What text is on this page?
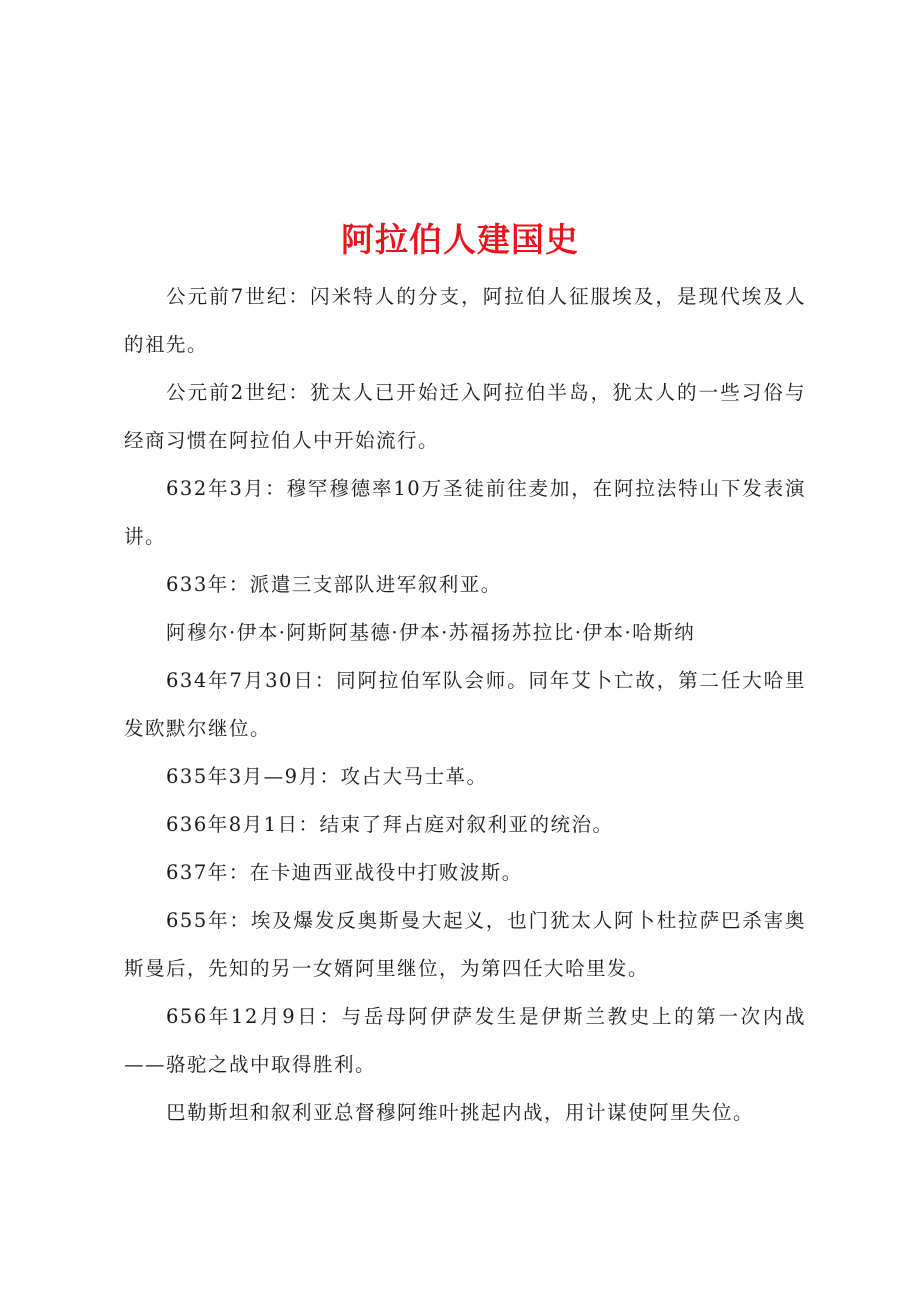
阿拉伯人建国史

公元前7世纪：闪米特人的分支，阿拉伯人征服埃及，是现代埃及人的祖先。

公元前2世纪：犹太人已开始迁入阿拉伯半岛，犹太人的一些习俗与经商习惯在阿拉伯人中开始流行。

632年3月：穆罕穆德率10万圣徒前往麦加，在阿拉法特山下发表演讲。

633年：派遣三支部队进军叙利亚。

阿穆尔·伊本·阿斯阿基德·伊本·苏福扬苏拉比·伊本·哈斯纳

634年7月30日：同阿拉伯军队会师。同年艾卜亡故，第二任大哈里发欧默尔继位。

635年3月—9月：攻占大马士革。

636年8月1日：结束了拜占庭对叙利亚的统治。

637年：在卡迪西亚战役中打败波斯。

655年：埃及爆发反奥斯曼大起义，也门犹太人阿卜杜拉萨巴杀害奥斯曼后，先知的另一女婿阿里继位，为第四任大哈里发。

656年12月9日：与岳母阿伊萨发生是伊斯兰教史上的第一次内战——骆驼之战中取得胜利。

巴勒斯坦和叙利亚总督穆阿维叶挑起内战，用计谋使阿里失位。
